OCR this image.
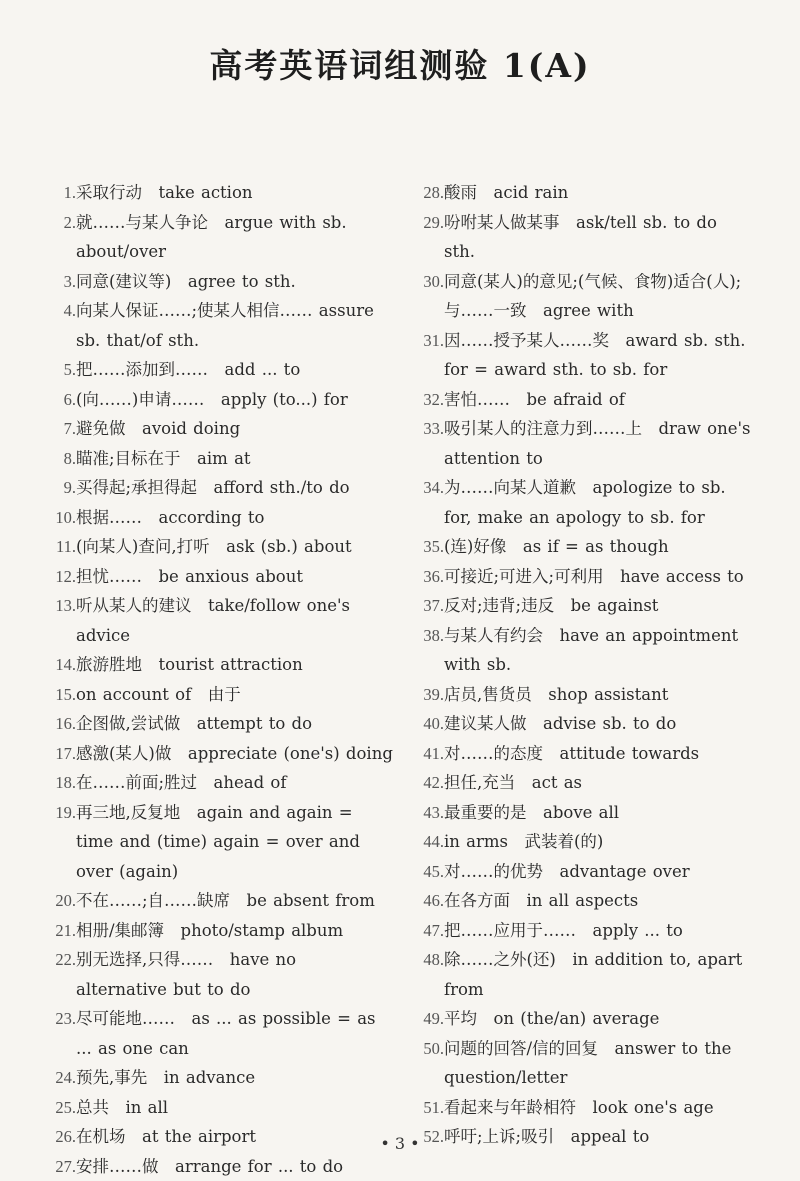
高考英语词组测验 1(A)
1. 采取行动　take action
2. 就……与某人争论　argue with sb. about/over
3. 同意(建议等)　agree to sth.
4. 向某人保证……;使某人相信…… assure sb. that/of sth.
5. 把……添加到……　add ... to
6. (向……)申请……　apply (to...) for
7. 避免做　avoid doing
8. 瞄准;目标在于　aim at
9. 买得起;承担得起　afford sth./to do
10. 根据……　according to
11. (向某人)查问,打听　ask (sb.) about
12. 担忧……　be anxious about
13. 听从某人的建议　take/follow one's advice
14. 旅游胜地　tourist attraction
15. on account of　由于
16. 企图做,尝试做　attempt to do
17. 感激(某人)做　appreciate (one's) doing
18. 在……前面;胜过　ahead of
19. 再三地,反复地　again and again = time and (time) again = over and over (again)
20. 不在……;自……缺席　be absent from
21. 相册/集邮簿　photo/stamp album
22. 别无选择,只得……　have no alternative but to do
23. 尽可能地……　as ... as possible = as ... as one can
24. 预先,事先　in advance
25. 总共　in all
26. 在机场　at the airport
27. 安排……做　arrange for ... to do
28. 酸雨　acid rain
29. 吩咐某人做某事　ask/tell sb. to do sth.
30. 同意(某人)的意见;(气候、食物)适合(人);与……一致　agree with
31. 因……授予某人……奖　award sb. sth. for = award sth. to sb. for
32. 害怕……　be afraid of
33. 吸引某人的注意力到……上　draw one's attention to
34. 为……向某人道歉　apologize to sb. for, make an apology to sb. for
35. (连)好像　as if = as though
36. 可接近;可进入;可利用　have access to
37. 反对;违背;违反　be against
38. 与某人有约会　have an appointment with sb.
39. 店员,售货员　shop assistant
40. 建议某人做　advise sb. to do
41. 对……的态度　attitude towards
42. 担任,充当　act as
43. 最重要的是　above all
44. in arms　武装着(的)
45. 对……的优势　advantage over
46. 在各方面　in all aspects
47. 把……应用于……　apply ... to
48. 除……之外(还)　in addition to, apart from
49. 平均　on (the/an) average
50. 问题的回答/信的回复　answer to the question/letter
51. 看起来与年龄相符　look one's age
52. 呼吁;上诉;吸引　appeal to
• 3 •
